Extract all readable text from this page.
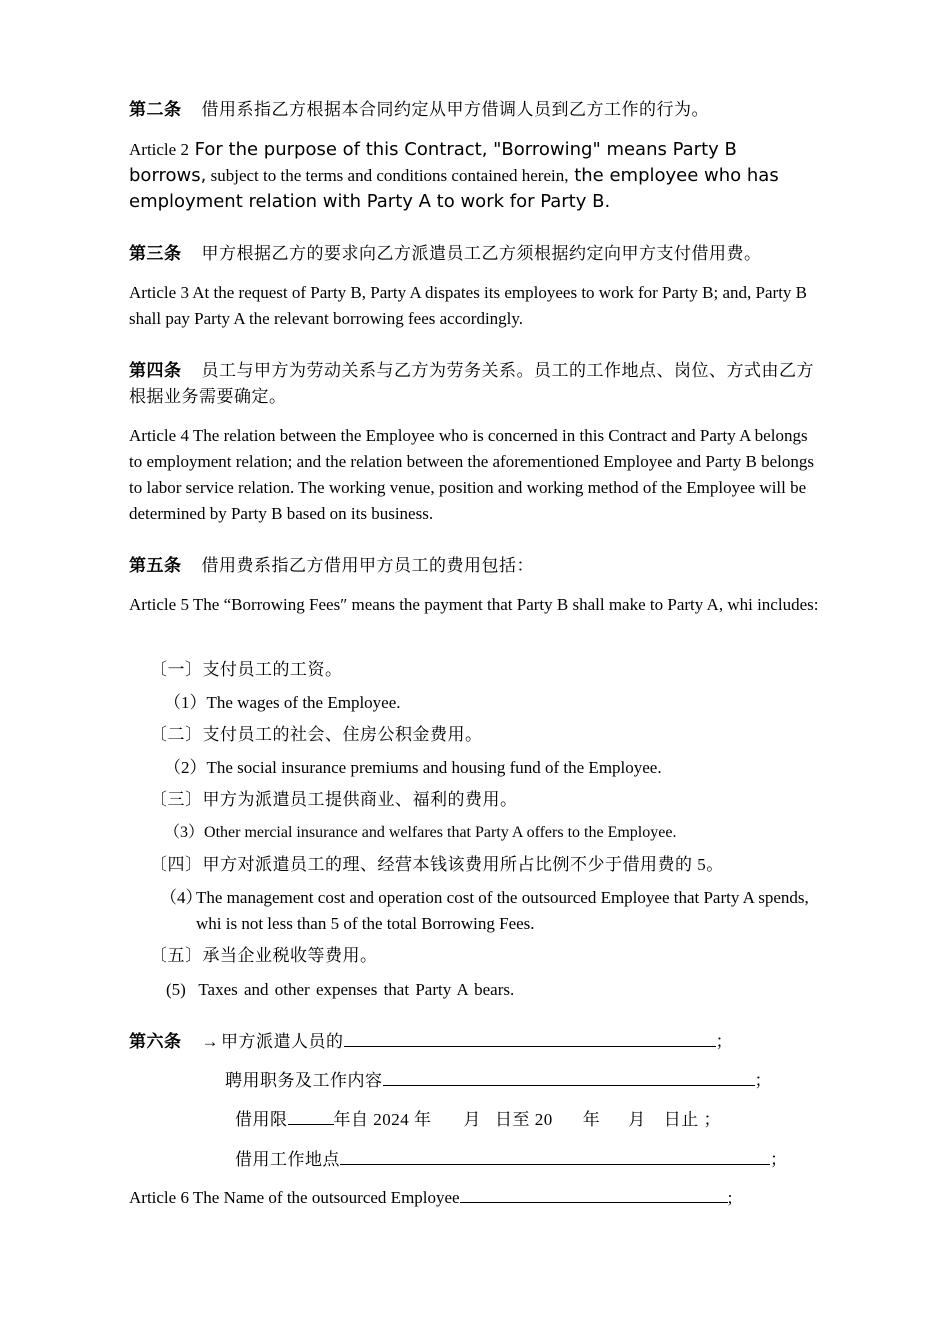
第二条 借用系指乙方根据本合同约定从甲方借调人员到乙方工作的行为。

Article 2 For the purpose of this Contract, "Borrowing" means Party B borrows, subject to the terms and conditions contained herein, the employee who has employment relation with Party A to work for Party B.

第三条 甲方根据乙方的要求向乙方派遣员工乙方须根据约定向甲方支付借用费。

Article 3 At the request of Party B, Party A dispates its employees to work for Party B; and, Party B shall pay Party A the relevant borrowing fees accordingly.

第四条 员工与甲方为劳动关系与乙方为劳务关系。员工的工作地点、岗位、方式由乙方根据业务需要确定。

Article 4 The relation between the Employee who is concerned in this Contract and Party A belongs to employment relation; and the relation between the aforementioned Employee and Party B belongs to labor service relation. The working venue, position and working method of the Employee will be determined by Party B based on its business.

第五条 借用费系指乙方借用甲方员工的费用包括：

Article 5 The “Borrowing Fees″ means the payment that Party B shall make to Party A, whi includes:

〔一〕支付员工的工资。

（1）The wages of the Employee.

〔二〕支付员工的社会、住房公积金费用。

（2）The social insurance premiums and housing fund of the Employee.

〔三〕甲方为派遣员工提供商业、福利的费用。

（3）Other mercial insurance and welfares that Party A offers to the Employee.

〔四〕甲方对派遣员工的理、经营本钱该费用所占比例不少于借用费的 5。

（4）
The management cost and operation cost of the outsourced Employee that Party A spends, whi is not less than 5 of the total Borrowing Fees.

〔五〕承当企业税收等费用。

(5) Taxes and other expenses that Party A bears.

第六条 → 甲方派遣人员的	；

聘用职务及工作内容	；

借用限	年自 2024 年 月 日至 20 年 月 日止 ；

借用工作地点	；

Article 6 The Name of the outsourced Employee	;
